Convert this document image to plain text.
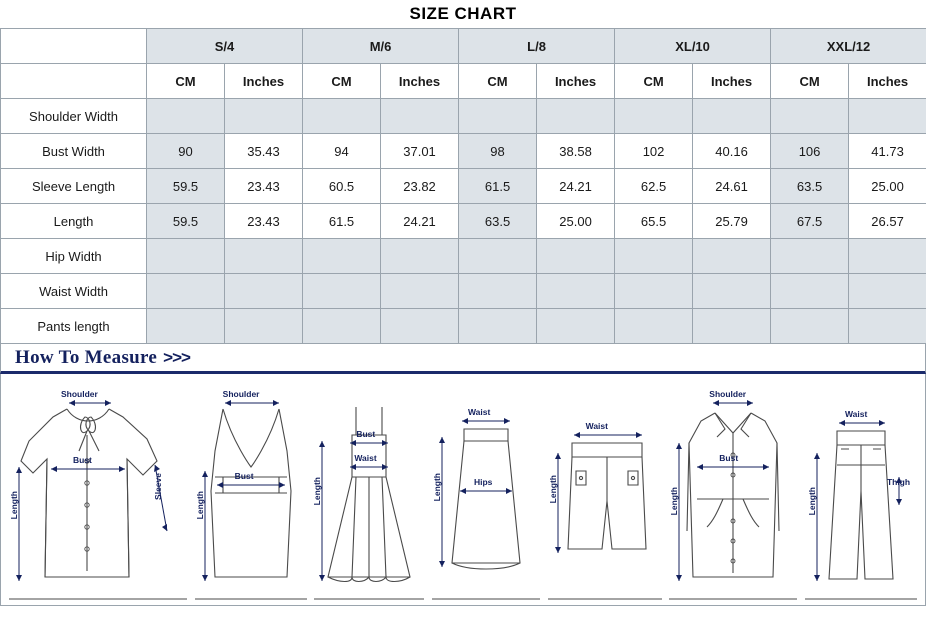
SIZE CHART
	S/4		M/6		L/8		XL/10		XXL/12	
	CM	Inches	CM	Inches	CM	Inches	CM	Inches	CM	Inches
Shoulder Width										
Bust Width	90	35.43	94	37.01	98	38.58	102	40.16	106	41.73
Sleeve Length	59.5	23.43	60.5	23.82	61.5	24.21	62.5	24.61	63.5	25.00
Length	59.5	23.43	61.5	24.21	63.5	25.00	65.5	25.79	67.5	26.57
Hip Width										
Waist Width										
Pants length										
How To Measure >>>
Shoulder
Bust
Sleeve
Length
Shoulder
Bust
Length
Bust
Waist
Length
Waist
Hips
Length
Waist
Length
Shoulder
Bust
Length
Waist
Thigh
Length
